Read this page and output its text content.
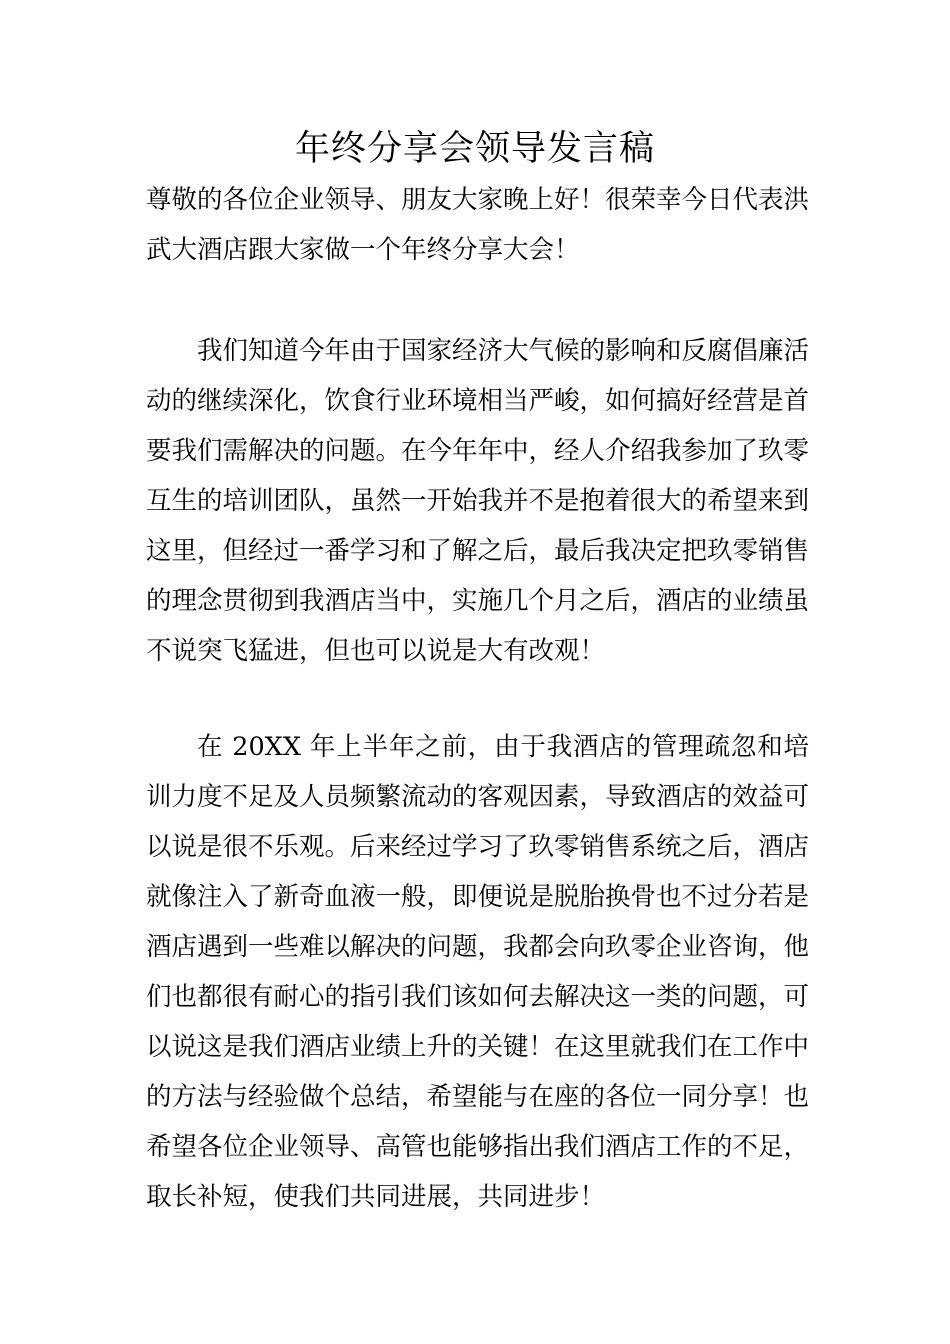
年终分享会领导发言稿

尊敬的各位企业领导、朋友大家晚上好！很荣幸今日代表洪武大酒店跟大家做一个年终分享大会！

我们知道今年由于国家经济大气候的影响和反腐倡廉活动的继续深化，饮食行业环境相当严峻，如何搞好经营是首要我们需解决的问题。在今年年中，经人介绍我参加了玖零互生的培训团队，虽然一开始我并不是抱着很大的希望来到这里，但经过一番学习和了解之后，最后我决定把玖零销售的理念贯彻到我酒店当中，实施几个月之后，酒店的业绩虽不说突飞猛进，但也可以说是大有改观！

在 20XX 年上半年之前，由于我酒店的管理疏忽和培训力度不足及人员频繁流动的客观因素，导致酒店的效益可以说是很不乐观。后来经过学习了玖零销售系统之后，酒店就像注入了新奇血液一般，即便说是脱胎换骨也不过分若是酒店遇到一些难以解决的问题，我都会向玖零企业咨询，他们也都很有耐心的指引我们该如何去解决这一类的问题，可以说这是我们酒店业绩上升的关键！在这里就我们在工作中的方法与经验做个总结，希望能与在座的各位一同分享！也希望各位企业领导、高管也能够指出我们酒店工作的不足，取长补短，使我们共同进展，共同进步！
